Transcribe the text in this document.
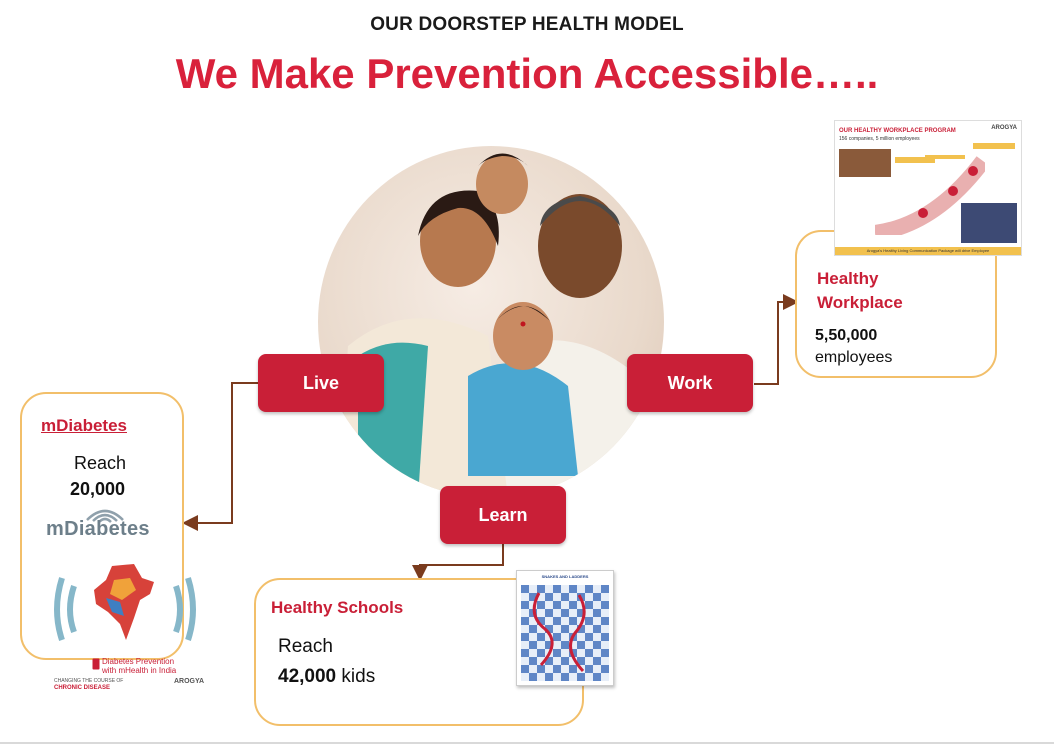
OUR DOORSTEP HEALTH MODEL
We Make Prevention Accessible…..
Live	Work
Learn
mDiabetes
Reach
20,000
mDiabetes
Diabetes Prevention
with mHealth in India
CHANGING THE COURSE OF
CHRONIC DISEASE
AROGYA
Healthy
Workplace
5,50,000
employees
OUR HEALTHY WORKPLACE PROGRAM
156 companies, 5 million employees
AROGYA
Arogya's Healthy Living Communication Package will drive Employee
Healthy Schools
Reach
42,000 kids
SNAKES AND LADDERS
